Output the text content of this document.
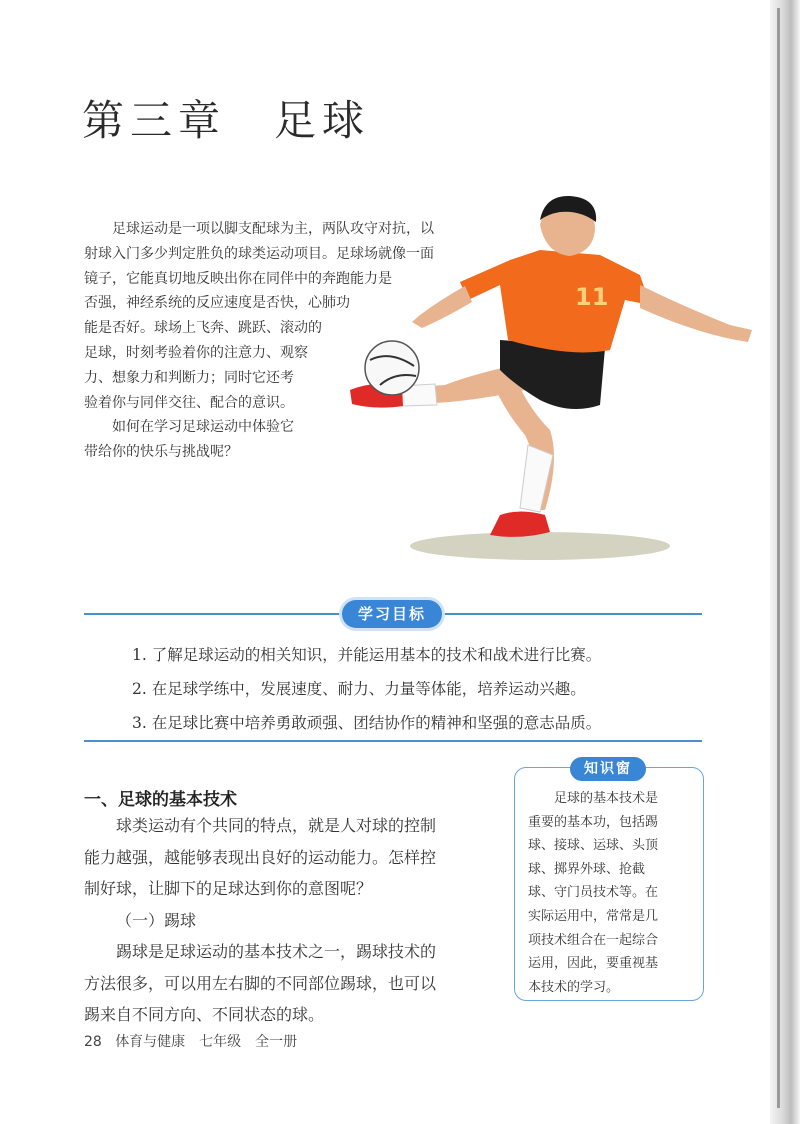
第三章　足球

足球运动是一项以脚支配球为主，两队攻守对抗，以

射球入门多少判定胜负的球类运动项目。足球场就像一面
镜子，它能真切地反映出你在同伴中的奔跑能力是
否强，神经系统的反应速度是否快，心肺功
能是否好。球场上飞奔、跳跃、滚动的
足球，时刻考验着你的注意力、观察
力、想象力和判断力；同时它还考
验着你与同伴交往、配合的意识。

如何在学习足球运动中体验它

带给你的快乐与挑战呢？

11
学习目标
1. 了解足球运动的相关知识，并能运用基本的技术和战术进行比赛。
2. 在足球学练中，发展速度、耐力、力量等体能，培养运动兴趣。
3. 在足球比赛中培养勇敢顽强、团结协作的精神和坚强的意志品质。
一、足球的基本技术
球类运动有个共同的特点，就是人对球的控制
能力越强，越能够表现出良好的运动能力。怎样控
制好球，让脚下的足球达到你的意图呢？
（一）踢球
踢球是足球运动的基本技术之一，踢球技术的
方法很多，可以用左右脚的不同部位踢球，也可以
踢来自不同方向、不同状态的球。
知识窗
足球的基本技术是
重要的基本功，包括踢
球、接球、运球、头顶
球、掷界外球、抢截
球、守门员技术等。在
实际运用中，常常是几
项技术组合在一起综合
运用，因此，要重视基
本技术的学习。
28 体育与健康　七年级　全一册
